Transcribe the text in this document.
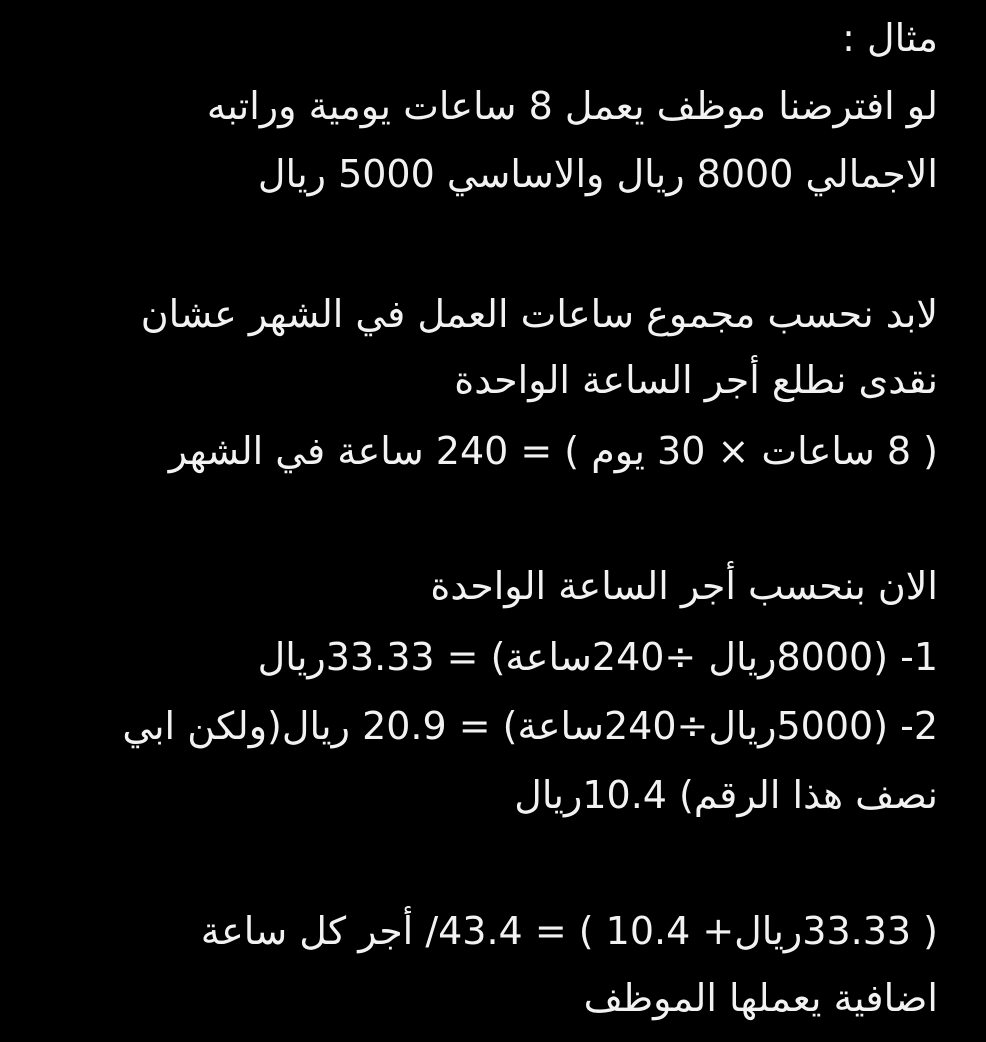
مثال :
لو افترضنا موظف يعمل 8 ساعات يومية وراتبه
الاجمالي 8000 ريال والاساسي 5000 ريال
لابد نحسب مجموع ساعات العمل في الشهر عشان
نقدى نطلع أجر الساعة الواحدة
( 8 ساعات × 30 يوم ) = 240 ساعة في الشهر
الان بنحسب أجر الساعة الواحدة
1- (8000ريال ÷240ساعة) = 33.33ريال
2- (5000ريال÷240ساعة) = 20.9 ريال(ولكن ابي
نصف هذا الرقم) 10.4ريال
( 33.33ريال+ 10.4 ) = 43.4/ أجر كل ساعة
اضافية يعملها الموظف
